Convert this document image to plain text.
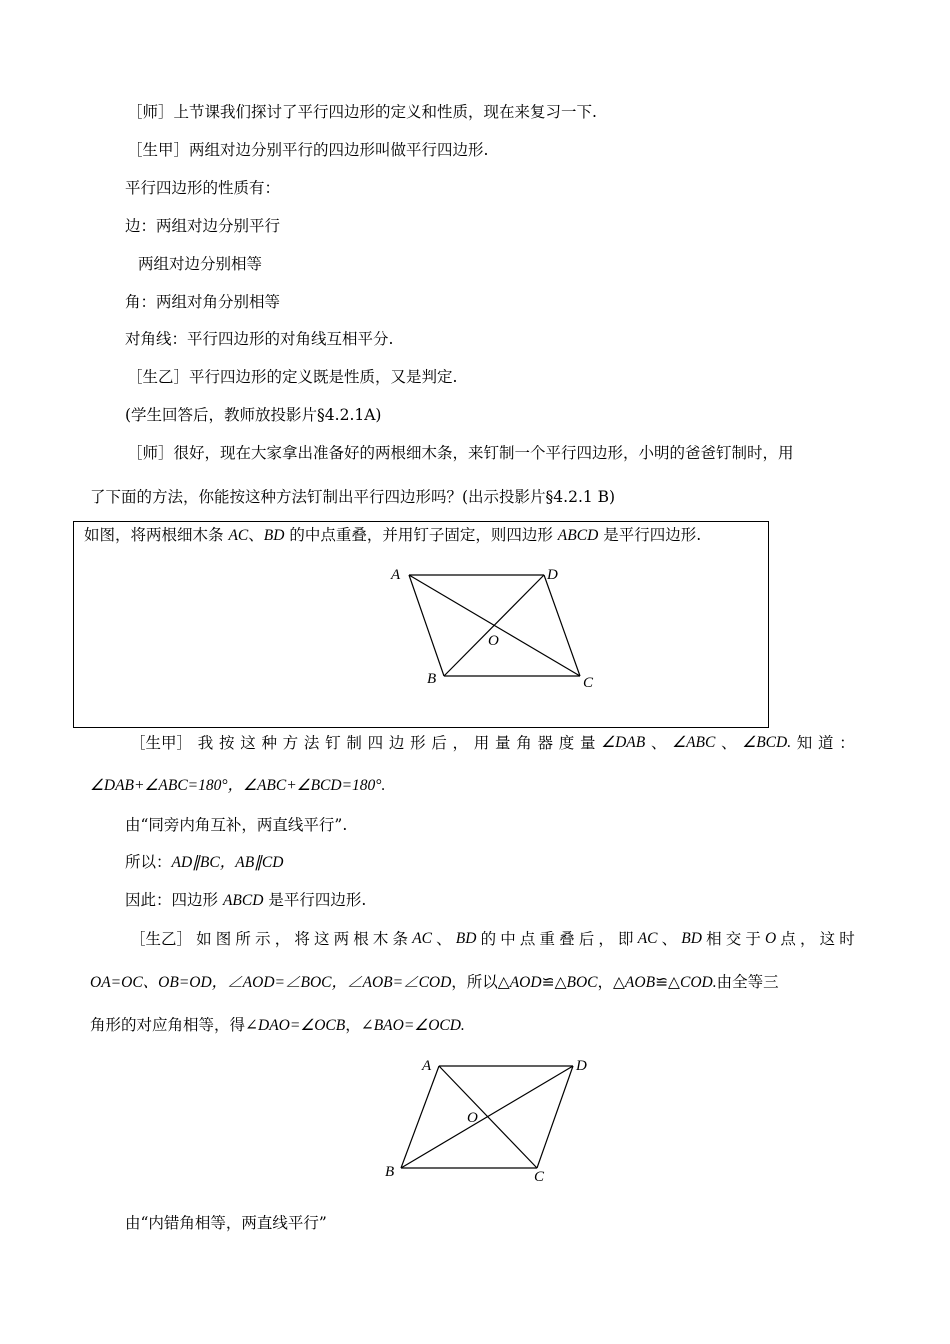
［师］上节课我们探讨了平行四边形的定义和性质，现在来复习一下.
［生甲］两组对边分别平行的四边形叫做平行四边形.
平行四边形的性质有：
边：两组对边分别平行
两组对边分别相等
角：两组对角分别相等
对角线：平行四边形的对角线互相平分.
［生乙］平行四边形的定义既是性质，又是判定.
(学生回答后，教师放投影片§4.2.1A)
［师］很好，现在大家拿出准备好的两根细木条，来钉制一个平行四边形，小明的爸爸钉制时，用
了下面的方法，你能按这种方法钉制出平行四边形吗？(出示投影片§4.2.1 B)
如图，将两根细木条 AC、BD 的中点重叠，并用钉子固定，则四边形 ABCD 是平行四边形.
A	D
B	C
O
［生甲］ 我 按 这 种 方 法 钉 制 四 边 形 后 ， 用 量 角 器 度 量 ∠DAB 、 ∠ABC 、 ∠BCD. 知 道 ：
∠DAB+∠ABC=180°，∠ABC+∠BCD=180°.
由“同旁内角互补，两直线平行”.
所以：AD∥BC，AB∥CD
因此：四边形 ABCD 是平行四边形.
［生乙］ 如 图 所 示 ， 将 这 两 根 木 条 AC 、 BD 的 中 点 重 叠 后 ， 即 AC 、 BD 相 交 于 O 点 ， 这 时
OA=OC、OB=OD，∠AOD=∠BOC，∠AOB=∠COD，所以△AOD≌△BOC，△AOB≌△COD.由全等三
角形的对应角相等，得∠DAO=∠OCB，∠BAO=∠OCD.
A	D
B	C
O
由“内错角相等，两直线平行”
